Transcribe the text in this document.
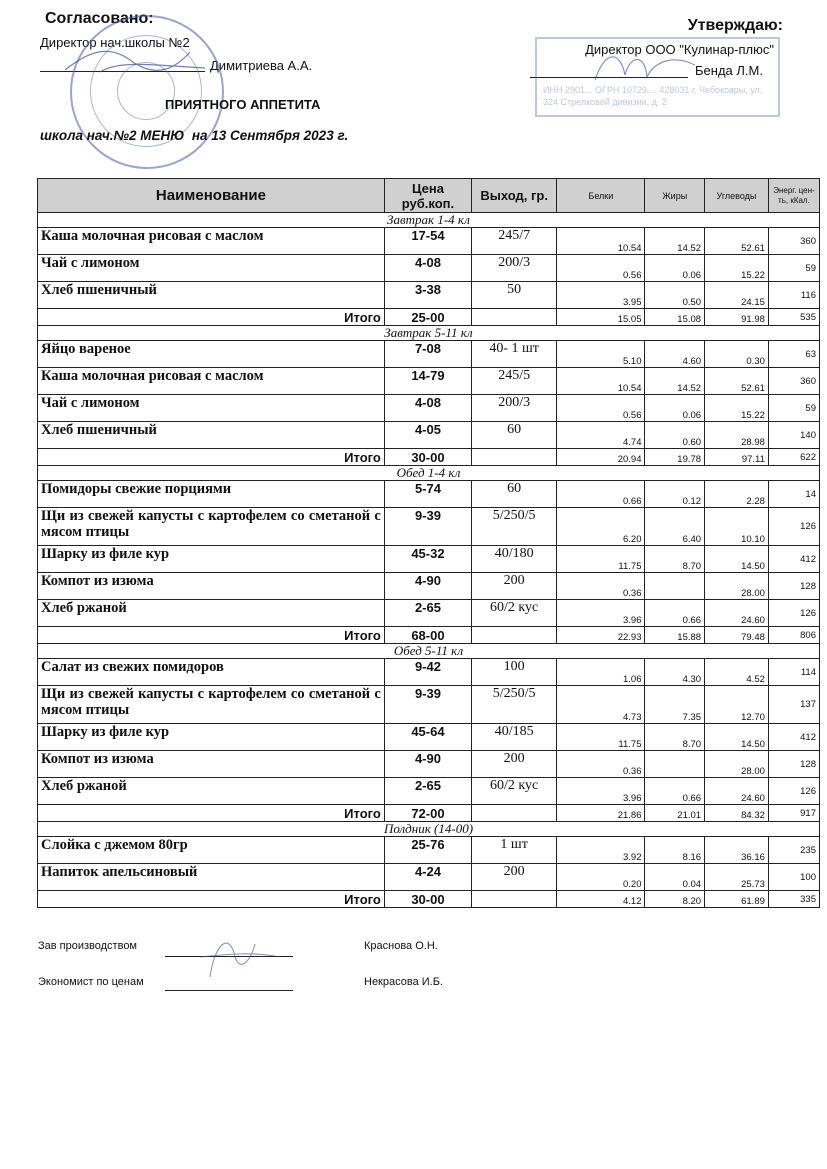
Согласовано:
Директор нач.школы №2
Димитриева А.А.
ПРИЯТНОГО АППЕТИТА
школа нач.№2 МЕНЮ  на 13 Сентября 2023 г.
Утверждаю:
Директор ООО "Кулинар-плюс"
Бенда Л.М.
ИНН 2901... ОГРН 10729.... 428031 г. Чебоксары, ул. 324 Стрелковой дивизии, д. 2
Наименование	Цена руб.коп.	Выход, гр.	Белки	Жиры	Углеводы	Энерг. цен-ть, кКал.
Завтрак 1-4 кл						
Каша молочная рисовая с маслом	17-54	245/7	10.54	14.52	52.61	360
Чай с лимоном	4-08	200/3	0.56	0.06	15.22	59
Хлеб пшеничный	3-38	50	3.95	0.50	24.15	116
Итого	25-00		15.05	15.08	91.98	535
Завтрак 5-11 кл						
Яйцо вареное	7-08	40- 1 шт	5.10	4.60	0.30	63
Каша молочная рисовая с маслом	14-79	245/5	10.54	14.52	52.61	360
Чай с лимоном	4-08	200/3	0.56	0.06	15.22	59
Хлеб пшеничный	4-05	60	4.74	0.60	28.98	140
Итого	30-00		20.94	19.78	97.11	622
Обед 1-4 кл						
Помидоры свежие порциями	5-74	60	0.66	0.12	2.28	14
Щи из свежей капусты с картофелем со сметаной с мясом птицы	9-39	5/250/5	6.20	6.40	10.10	126
Шарку из филе кур	45-32	40/180	11.75	8.70	14.50	412
Компот из изюма	4-90	200	0.36		28.00	128
Хлеб ржаной	2-65	60/2 кус	3.96	0.66	24.60	126
Итого	68-00		22.93	15.88	79.48	806
Обед 5-11 кл						
Салат из свежих помидоров	9-42	100	1.06	4.30	4.52	114
Щи из свежей капусты с картофелем со сметаной с мясом птицы	9-39	5/250/5	4.73	7.35	12.70	137
Шарку из филе кур	45-64	40/185	11.75	8.70	14.50	412
Компот из изюма	4-90	200	0.36		28.00	128
Хлеб ржаной	2-65	60/2 кус	3.96	0.66	24.60	126
Итого	72-00		21.86	21.01	84.32	917
Полдник (14-00)						
Слойка с джемом 80гр	25-76	1 шт	3.92	8.16	36.16	235
Напиток апельсиновый	4-24	200	0.20	0.04	25.73	100
Итого	30-00		4.12	8.20	61.89	335
Зав производством	Краснова О.Н.
Экономист по ценам	Некрасова И.Б.
